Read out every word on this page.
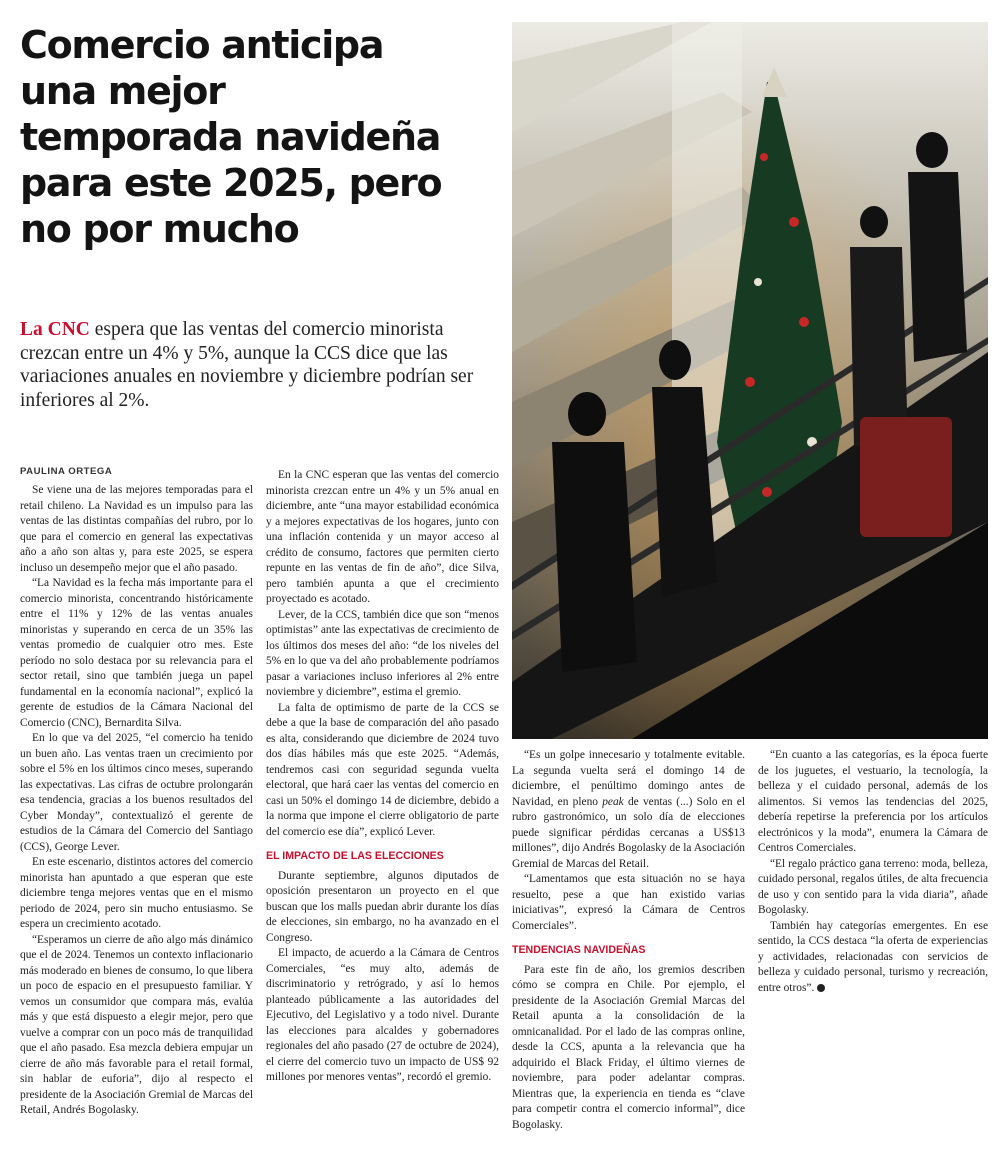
Comercio anticipa
una mejor
temporada navideña
para este 2025, pero
no por mucho
La CNC espera que las ventas del comercio minorista crezcan entre un 4% y 5%, aunque la CCS dice que las variaciones anuales en noviembre y diciembre podrían ser inferiores al 2%.
PAULINA ORTEGA

Se viene una de las mejores temporadas para el retail chileno. La Navidad es un impulso para las ventas de las distintas compañías del rubro, por lo que para el comercio en general las expectativas año a año son altas y, para este 2025, se espera incluso un desempeño mejor que el año pasado.

“La Navidad es la fecha más importante para el comercio minorista, concentrando históricamente entre el 11% y 12% de las ventas anuales minoristas y superando en cerca de un 35% las ventas promedio de cualquier otro mes. Este período no solo destaca por su relevancia para el sector retail, sino que también juega un papel fundamental en la economía nacional”, explicó la gerente de estudios de la Cámara Nacional del Comercio (CNC), Bernardita Silva.

En lo que va del 2025, “el comercio ha tenido un buen año. Las ventas traen un crecimiento por sobre el 5% en los últimos cinco meses, superando las expectativas. Las cifras de octubre prolongarán esa tendencia, gracias a los buenos resultados del Cyber Monday”, contextualizó el gerente de estudios de la Cámara del Comercio del Santiago (CCS), George Lever.

En este escenario, distintos actores del comercio minorista han apuntado a que esperan que este diciembre tenga mejores ventas que en el mismo periodo de 2024, pero sin mucho entusiasmo. Se espera un crecimiento acotado.

“Esperamos un cierre de año algo más dinámico que el de 2024. Tenemos un contexto inflacionario más moderado en bienes de consumo, lo que libera un poco de espacio en el presupuesto familiar. Y vemos un consumidor que compara más, evalúa más y que está dispuesto a elegir mejor, pero que vuelve a comprar con un poco más de tranquilidad que el año pasado. Esa mezcla debiera empujar un cierre de año más favorable para el retail formal, sin hablar de euforia”, dijo al respecto el presidente de la Asociación Gremial de Marcas del Retail, Andrés Bogolasky.

En la CNC esperan que las ventas del comercio minorista crezcan entre un 4% y un 5% anual en diciembre, ante “una mayor estabilidad económica y a mejores expectativas de los hogares, junto con una inflación contenida y un mayor acceso al crédito de consumo, factores que permiten cierto repunte en las ventas de fin de año”, dice Silva, pero también apunta a que el crecimiento proyectado es acotado.

Lever, de la CCS, también dice que son “menos optimistas” ante las expectativas de crecimiento de los últimos dos meses del año: “de los niveles del 5% en lo que va del año probablemente podríamos pasar a variaciones incluso inferiores al 2% entre noviembre y diciembre”, estima el gremio.

La falta de optimismo de parte de la CCS se debe a que la base de comparación del año pasado es alta, considerando que diciembre de 2024 tuvo dos días hábiles más que este 2025. “Además, tendremos casi con seguridad segunda vuelta electoral, que hará caer las ventas del comercio en casi un 50% el domingo 14 de diciembre, debido a la norma que impone el cierre obligatorio de parte del comercio ese día”, explicó Lever.

EL IMPACTO DE LAS ELECCIONES

Durante septiembre, algunos diputados de oposición presentaron un proyecto en el que buscan que los malls puedan abrir durante los días de elecciones, sin embargo, no ha avanzado en el Congreso.

El impacto, de acuerdo a la Cámara de Centros Comerciales, “es muy alto, además de discriminatorio y retrógrado, y así lo hemos planteado públicamente a las autoridades del Ejecutivo, del Legislativo y a todo nivel. Durante las elecciones para alcaldes y gobernadores regionales del año pasado (27 de octubre de 2024), el cierre del comercio tuvo un impacto de US$ 92 millones por menores ventas”, recordó el gremio.

“Es un golpe innecesario y totalmente evitable. La segunda vuelta será el domingo 14 de diciembre, el penúltimo domingo antes de Navidad, en pleno peak de ventas (...) Solo en el rubro gastronómico, un solo día de elecciones puede significar pérdidas cercanas a US$13 millones”, dijo Andrés Bogolasky de la Asociación Gremial de Marcas del Retail.

“Lamentamos que esta situación no se haya resuelto, pese a que han existido varias iniciativas”, expresó la Cámara de Centros Comerciales”.

TENDENCIAS NAVIDEÑAS

Para este fin de año, los gremios describen cómo se compra en Chile. Por ejemplo, el presidente de la Asociación Gremial Marcas del Retail apunta a la consolidación de la omnicanalidad. Por el lado de las compras online, desde la CCS, apunta a la relevancia que ha adquirido el Black Friday, el último viernes de noviembre, para poder adelantar compras. Mientras que, la experiencia en tienda es “clave para competir contra el comercio informal”, dice Bogolasky.

“En cuanto a las categorías, es la época fuerte de los juguetes, el vestuario, la tecnología, la belleza y el cuidado personal, además de los alimentos. Si vemos las tendencias del 2025, debería repetirse la preferencia por los artículos electrónicos y la moda”, enumera la Cámara de Centros Comerciales.

“El regalo práctico gana terreno: moda, belleza, cuidado personal, regalos útiles, de alta frecuencia de uso y con sentido para la vida diaria”, añade Bogolasky.

También hay categorías emergentes. En ese sentido, la CCS destaca “la oferta de experiencias y actividades, relacionadas con servicios de belleza y cuidado personal, turismo y recreación, entre otros”.
